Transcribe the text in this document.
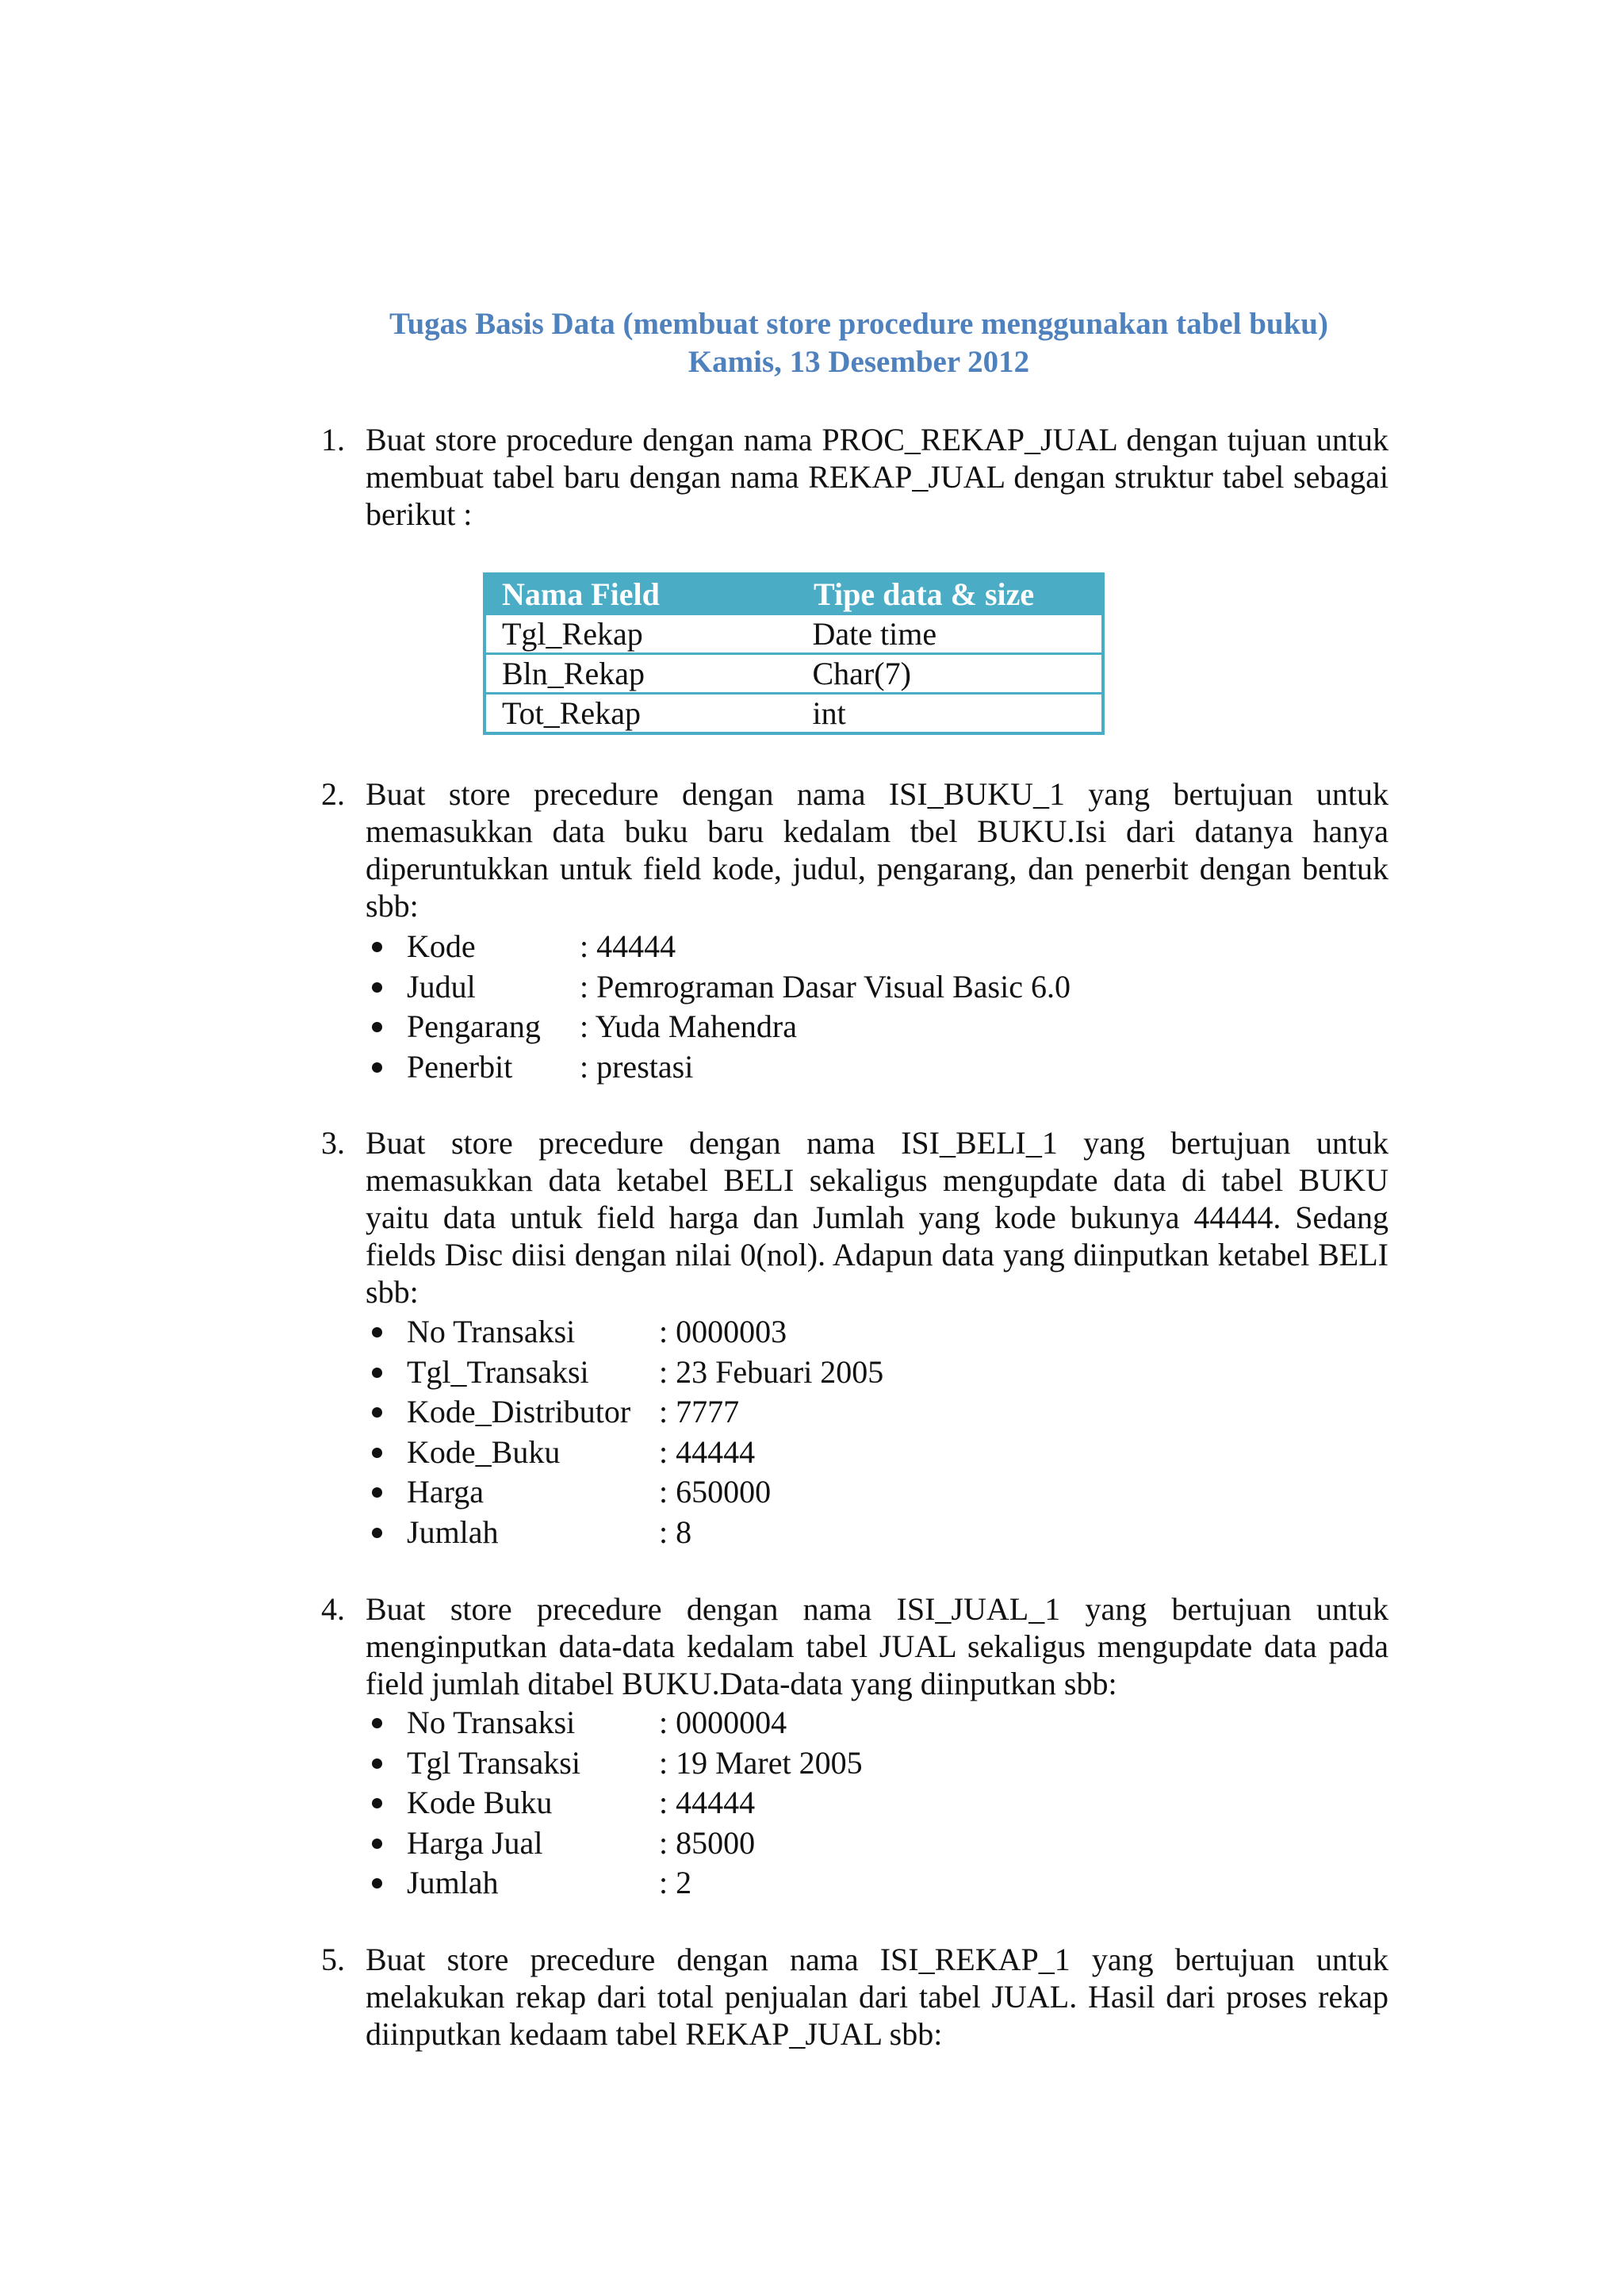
Tugas Basis Data (membuat store procedure menggunakan tabel buku)
Kamis, 13 Desember 2012
1. Buat store procedure dengan nama PROC_REKAP_JUAL dengan tujuan untuk membuat tabel baru dengan nama REKAP_JUAL dengan struktur tabel sebagai berikut :
Nama Field	Tipe data & size
Tgl_Rekap	Date time
Bln_Rekap	Char(7)
Tot_Rekap	int
2. Buat store precedure dengan nama ISI_BUKU_1 yang bertujuan untuk memasukkan data buku baru kedalam tbel BUKU.Isi dari datanya hanya diperuntukkan untuk field kode, judul, pengarang, dan penerbit dengan bentuk sbb:
Kode	: 44444
Judul	: Pemrograman Dasar Visual Basic 6.0
Pengarang : Yuda Mahendra
Penerbit : prestasi
3. Buat store precedure dengan nama ISI_BELI_1 yang bertujuan untuk memasukkan data ketabel BELI sekaligus mengupdate data di tabel BUKU yaitu data untuk field harga dan Jumlah yang kode bukunya 44444. Sedang fields Disc diisi dengan nilai 0(nol). Adapun data yang diinputkan ketabel BELI sbb:
No Transaksi	: 0000003
Tgl_Transaksi : 23 Febuari 2005
Kode_Distributor : 7777
Kode_Buku	: 44444
Harga	: 650000
Jumlah	: 8
4. Buat store precedure dengan nama ISI_JUAL_1 yang bertujuan untuk menginputkan data-data kedalam tabel JUAL sekaligus mengupdate data pada field jumlah ditabel BUKU.Data-data yang diinputkan sbb:
No Transaksi	: 0000004
Tgl Transaksi : 19 Maret 2005
Kode Buku	: 44444
Harga Jual	: 85000
Jumlah	: 2
5. Buat store precedure dengan nama ISI_REKAP_1 yang bertujuan untuk melakukan rekap dari total penjualan dari tabel JUAL. Hasil dari proses rekap diinputkan kedaam tabel REKAP_JUAL sbb:
